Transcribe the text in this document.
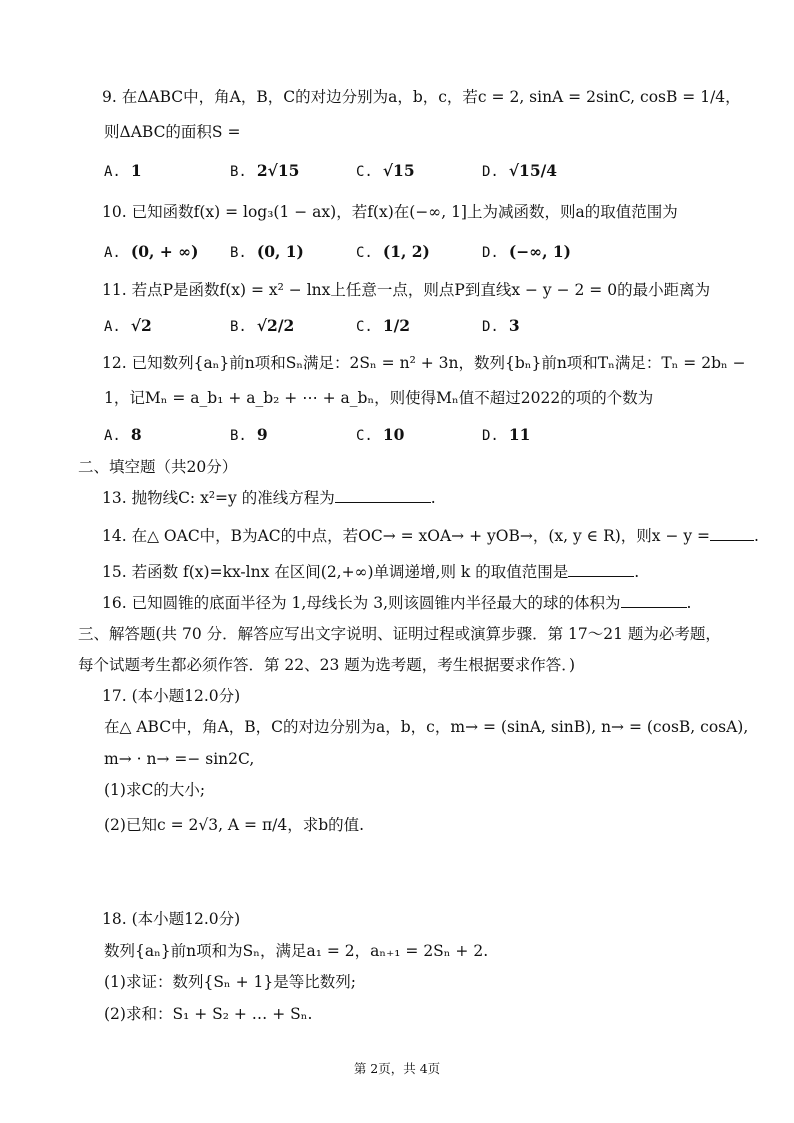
9. 在ΔABC中，角A，B，C的对边分别为a，b，c，若c = 2, sinA = 2sinC, cosB = 1/4，
则ΔABC的面积S =
A. 1	B. 2√15	C. √15	D. √15/4
10. 已知函数f(x) = log₃(1 − ax)，若f(x)在(−∞, 1]上为减函数，则a的取值范围为
A. (0, + ∞) B. (0, 1)	C. (1, 2)	D. (−∞, 1)
11. 若点P是函数f(x) = x² − lnx上任意一点，则点P到直线x − y − 2 = 0的最小距离为
A. √2	B. √2/2	C. 1/2	D. 3
12. 已知数列{aₙ}前n项和Sₙ满足：2Sₙ = n² + 3n，数列{bₙ}前n项和Tₙ满足：Tₙ = 2bₙ −
1，记Mₙ = a_b₁ + a_b₂ + ⋯ + a_bₙ，则使得Mₙ值不超过2022的项的个数为
A. 8	B. 9	C. 10	D. 11
二、填空题（共20分）
13. 抛物线C: x²=y 的准线方程为	.
14. 在△ OAC中，B为AC的中点，若OC→ = xOA→ + yOB→，(x, y ∈ R)，则x − y =	.
15. 若函数 f(x)=kx-lnx 在区间(2,+∞)单调递增,则 k 的取值范围是	.
16. 已知圆锥的底面半径为 1,母线长为 3,则该圆锥内半径最大的球的体积为	.
三、解答题(共 70 分．解答应写出文字说明、证明过程或演算步骤．第 17～21 题为必考题，
每个试题考生都必须作答．第 22、23 题为选考题，考生根据要求作答．)
17. (本小题12.0分)
在△ ABC中，角A，B，C的对边分别为a，b，c，m→ = (sinA, sinB), n→ = (cosB, cosA),
m→ · n→ =− sin2C,
(1)求C的大小;
(2)已知c = 2√3, A = π/4，求b的值.
18. (本小题12.0分)
数列{aₙ}前n项和为Sₙ，满足a₁ = 2，aₙ₊₁ = 2Sₙ + 2.
(1)求证：数列{Sₙ + 1}是等比数列;
(2)求和：S₁ + S₂ + … + Sₙ.
第 2页，共 4页
